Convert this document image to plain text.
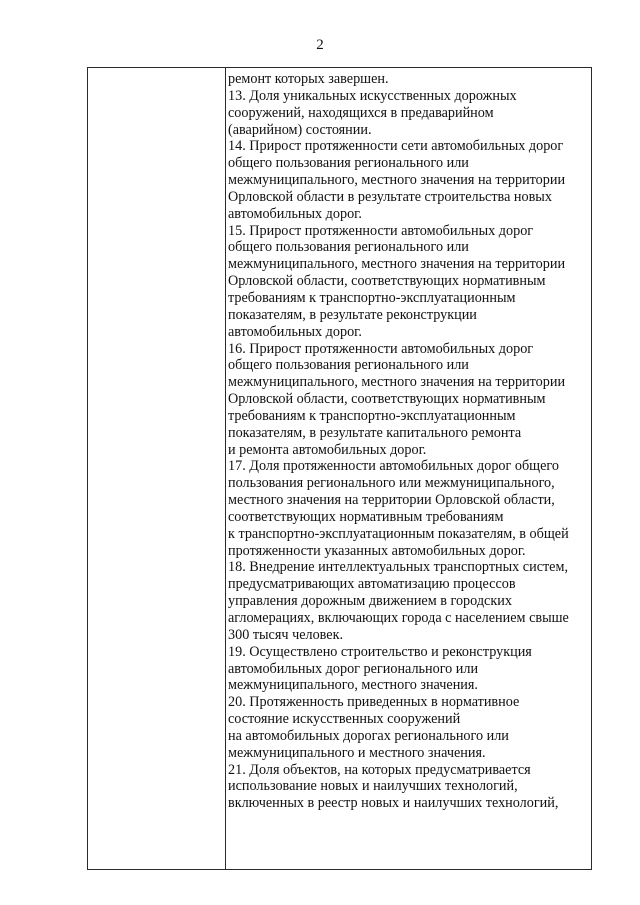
2
ремонт которых завершен.
13. Доля уникальных искусственных дорожных
сооружений, находящихся в предаварийном
(аварийном) состоянии.
14. Прирост протяженности сети автомобильных дорог
общего пользования регионального или
межмуниципального, местного значения на территории
Орловской области в результате строительства новых
автомобильных дорог.
15. Прирост протяженности автомобильных дорог
общего пользования регионального или
межмуниципального, местного значения на территории
Орловской области, соответствующих нормативным
требованиям к транспортно-эксплуатационным
показателям, в результате реконструкции
автомобильных дорог.
16. Прирост протяженности автомобильных дорог
общего пользования регионального или
межмуниципального, местного значения на территории
Орловской области, соответствующих нормативным
требованиям к транспортно-эксплуатационным
показателям, в результате капитального ремонта
и ремонта автомобильных дорог.
17. Доля протяженности автомобильных дорог общего
пользования регионального или межмуниципального,
местного значения на территории Орловской области,
соответствующих нормативным требованиям
к транспортно-эксплуатационным показателям, в общей
протяженности указанных автомобильных дорог.
18. Внедрение интеллектуальных транспортных систем,
предусматривающих автоматизацию процессов
управления дорожным движением в городских
агломерациях, включающих города с населением свыше
300 тысяч человек.
19. Осуществлено строительство и реконструкция
автомобильных дорог регионального или
межмуниципального, местного значения.
20. Протяженность приведенных в нормативное
состояние искусственных сооружений
на автомобильных дорогах регионального или
межмуниципального и местного значения.
21. Доля объектов, на которых предусматривается
использование новых и наилучших технологий,
включенных в реестр новых и наилучших технологий,
